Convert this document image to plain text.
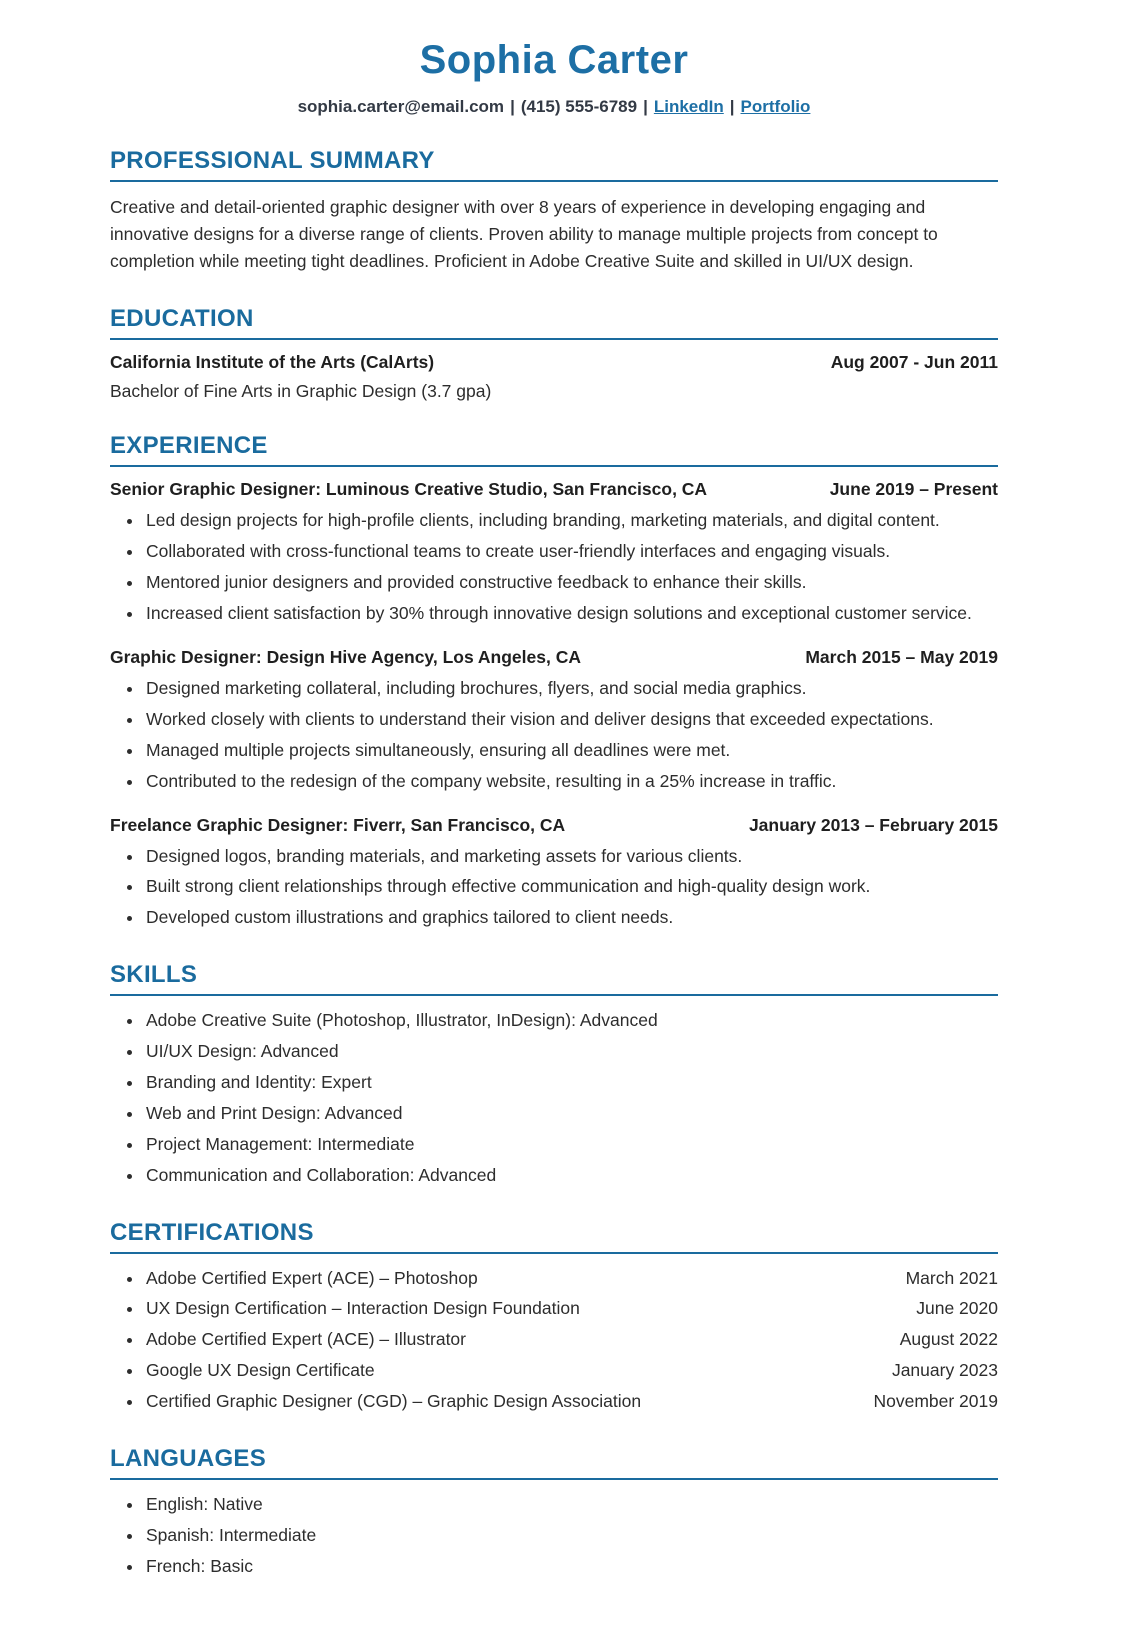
Sophia Carter
sophia.carter@email.com | (415) 555-6789 | LinkedIn | Portfolio
PROFESSIONAL SUMMARY

Creative and detail-oriented graphic designer with over 8 years of experience in developing engaging and innovative designs for a diverse range of clients. Proven ability to manage multiple projects from concept to completion while meeting tight deadlines. Proficient in Adobe Creative Suite and skilled in UI/UX design.

EDUCATION
California Institute of the Arts (CalArts)	Aug 2007 - Jun 2011
Bachelor of Fine Arts in Graphic Design (3.7 gpa)
EXPERIENCE
Senior Graphic Designer: Luminous Creative Studio, San Francisco, CA	June 2019 – Present
• Led design projects for high-profile clients, including branding, marketing materials, and digital content.
• Collaborated with cross-functional teams to create user-friendly interfaces and engaging visuals.
• Mentored junior designers and provided constructive feedback to enhance their skills.
• Increased client satisfaction by 30% through innovative design solutions and exceptional customer service.
Graphic Designer: Design Hive Agency, Los Angeles, CA	March 2015 – May 2019
• Designed marketing collateral, including brochures, flyers, and social media graphics.
• Worked closely with clients to understand their vision and deliver designs that exceeded expectations.
• Managed multiple projects simultaneously, ensuring all deadlines were met.
• Contributed to the redesign of the company website, resulting in a 25% increase in traffic.
Freelance Graphic Designer: Fiverr, San Francisco, CA	January 2013 – February 2015
• Designed logos, branding materials, and marketing assets for various clients.
• Built strong client relationships through effective communication and high-quality design work.
• Developed custom illustrations and graphics tailored to client needs.
SKILLS
• Adobe Creative Suite (Photoshop, Illustrator, InDesign): Advanced
• UI/UX Design: Advanced
• Branding and Identity: Expert
• Web and Print Design: Advanced
• Project Management: Intermediate
• Communication and Collaboration: Advanced
CERTIFICATIONS
• Adobe Certified Expert (ACE) – Photoshop	March 2021
• UX Design Certification – Interaction Design Foundation	June 2020
• Adobe Certified Expert (ACE) – Illustrator	August 2022
• Google UX Design Certificate	January 2023
• Certified Graphic Designer (CGD) – Graphic Design Association	November 2019
LANGUAGES
• English: Native
• Spanish: Intermediate
• French: Basic
